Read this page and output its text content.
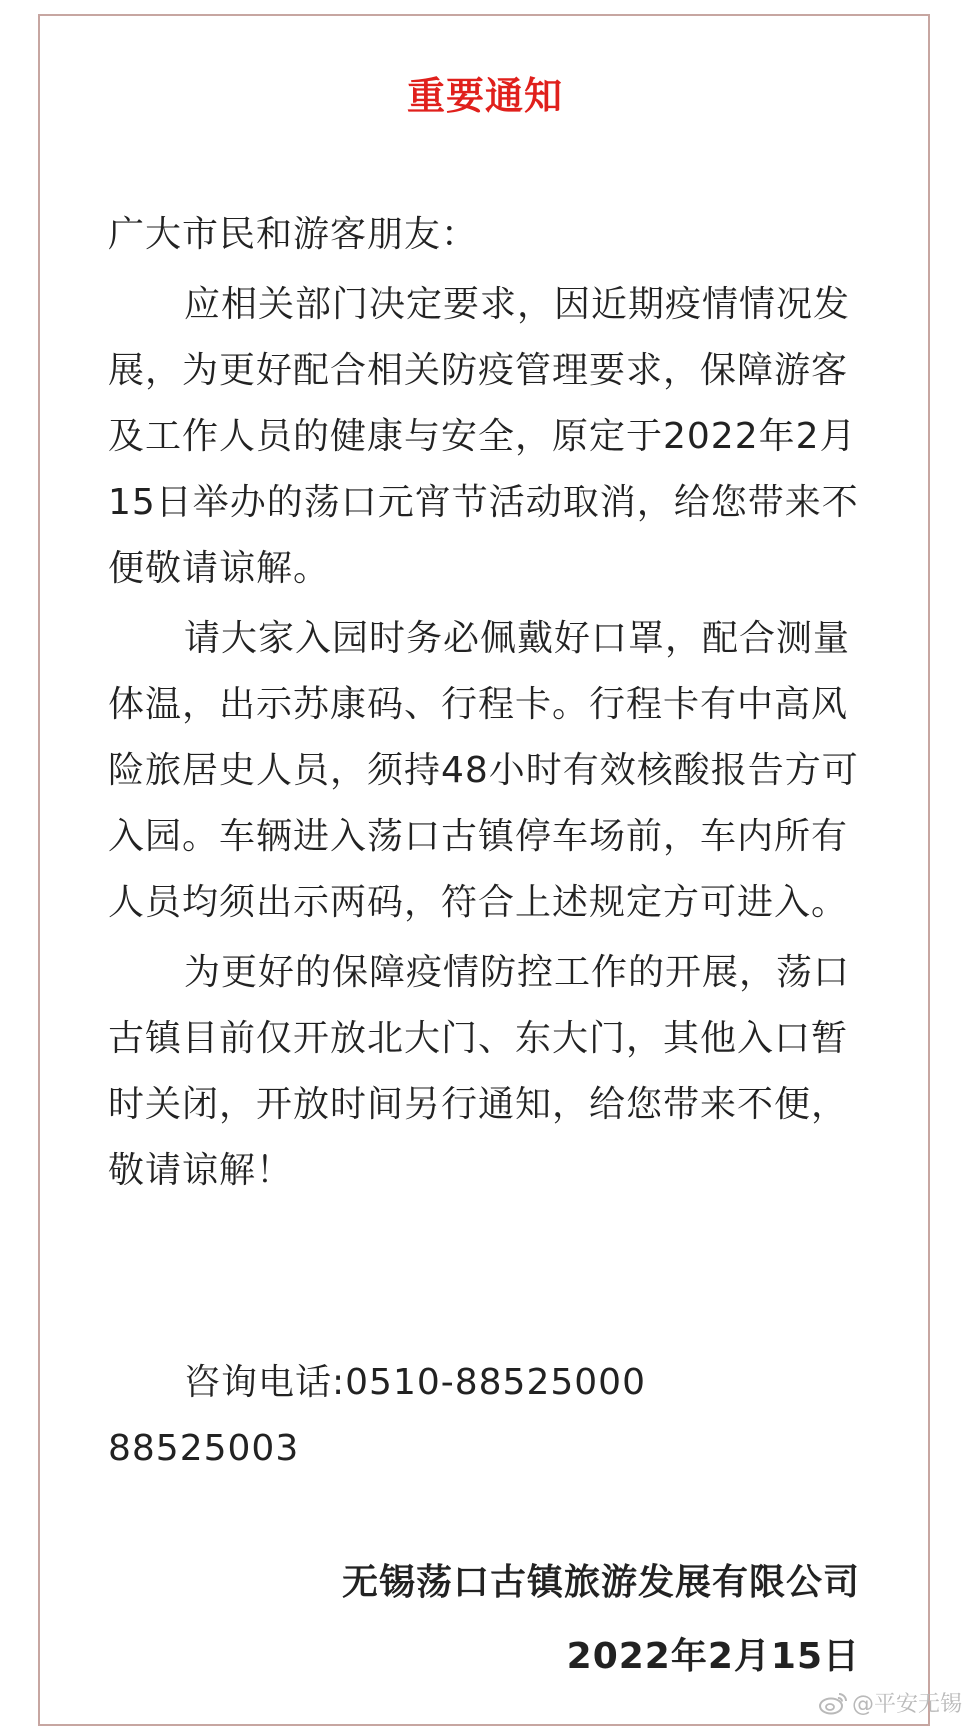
重要通知

广大市民和游客朋友：

应相关部门决定要求，因近期疫情情况发展，为更好配合相关防疫管理要求，保障游客及工作人员的健康与安全，原定于2022年2月15日举办的荡口元宵节活动取消，给您带来不便敬请谅解。

请大家入园时务必佩戴好口罩，配合测量体温，出示苏康码、行程卡。行程卡有中高风险旅居史人员，须持48小时有效核酸报告方可入园。车辆进入荡口古镇停车场前，车内所有人员均须出示两码，符合上述规定方可进入。

为更好的保障疫情防控工作的开展，荡口古镇目前仅开放北大门、东大门，其他入口暂时关闭，开放时间另行通知，给您带来不便，敬请谅解！

咨询电话:0510-88525000
88525003
无锡荡口古镇旅游发展有限公司
2022年2月15日
@平安无锡
